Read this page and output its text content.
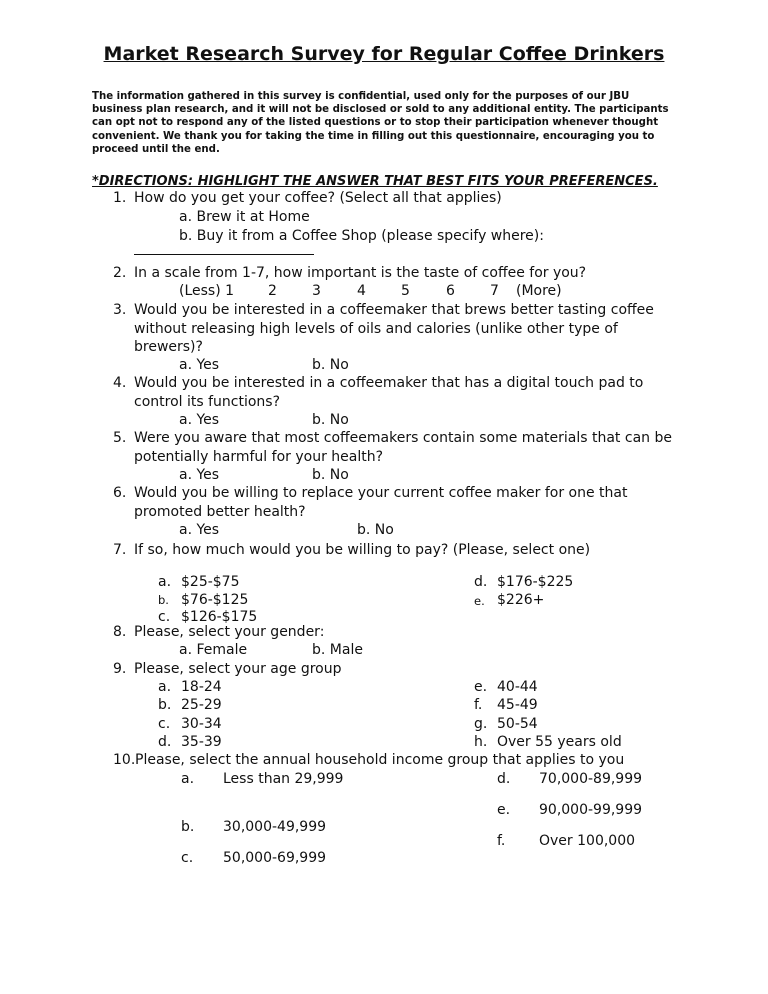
Market Research Survey for Regular Coffee Drinkers
The information gathered in this survey is confidential, used only for the purposes of our JBU business plan research, and it will not be disclosed or sold to any additional entity. The participants can opt not to respond any of the listed questions or to stop their participation whenever thought convenient. We thank you for taking the time in filling out this questionnaire, encouraging you to proceed until the end.
*DIRECTIONS: HIGHLIGHT THE ANSWER THAT BEST FITS YOUR PREFERENCES.
1. How do you get your coffee? (Select all that applies)
a. Brew it at Home
b. Buy it from a Coffee Shop (please specify where):
2. In a scale from 1-7, how important is the taste of coffee for you?
(Less) 1 2	3	4	5	6	7 (More)
3. Would you be interested in a coffeemaker that brews better tasting coffee without releasing high levels of oils and calories (unlike other type of brewers)?
a. Yes	b. No
4. Would you be interested in a coffeemaker that has a digital touch pad to control its functions?
a. Yes	b. No
5. Were you aware that most coffeemakers contain some materials that can be potentially harmful for your health?
a. Yes	b. No
6. Would you be willing to replace your current coffee maker for one that promoted better health?
a. Yes	b. No
7. If so, how much would you be willing to pay? (Please, select one)
a. $25-$75
b. $76-$125
c. $126-$175
d. $176-$225
e. $226+
8. Please, select your gender:
a. Female	b. Male
9. Please, select your age group
a. 18-24
b. 25-29
c. 30-34
d. 35-39
e. 40-44
f. 45-49
g. 50-54
h. Over 55 years old
10. Please, select the annual household income group that applies to you
a. Less than 29,999
b. 30,000-49,999
c. 50,000-69,999
d. 70,000-89,999
e. 90,000-99,999
f. Over 100,000
